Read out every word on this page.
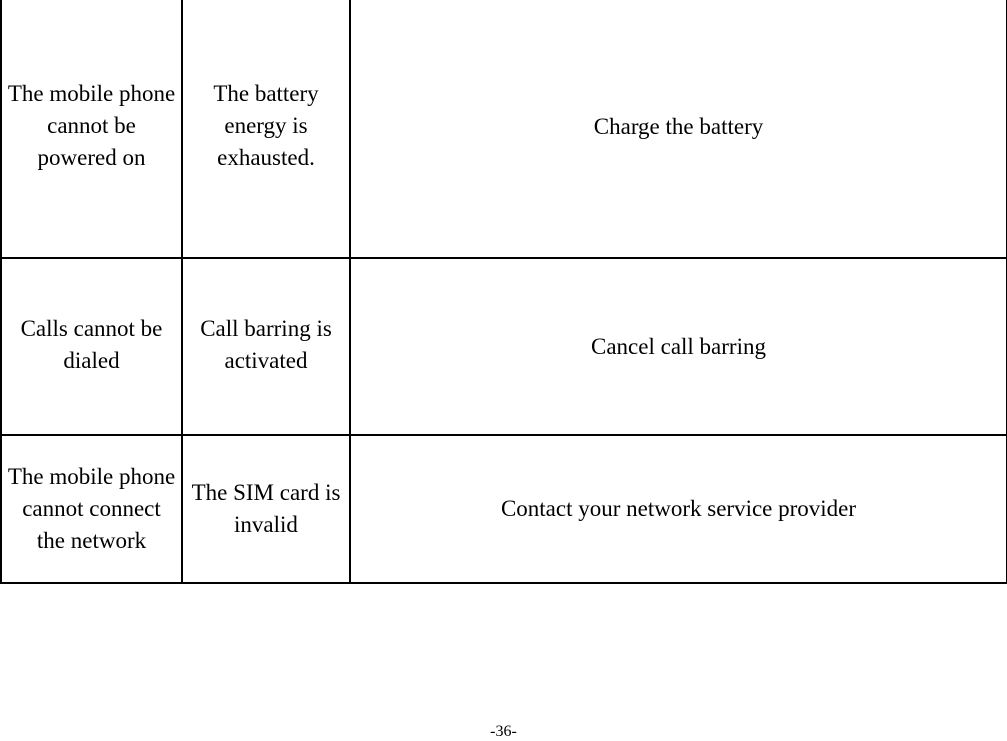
The mobile phone cannot be powered on	The battery energy is exhausted.	Charge the battery

Calls cannot be dialed	Call barring is activated	Cancel call barring

The mobile phone cannot connect the network	The SIM card is invalid	Contact your network service provider
-36-
